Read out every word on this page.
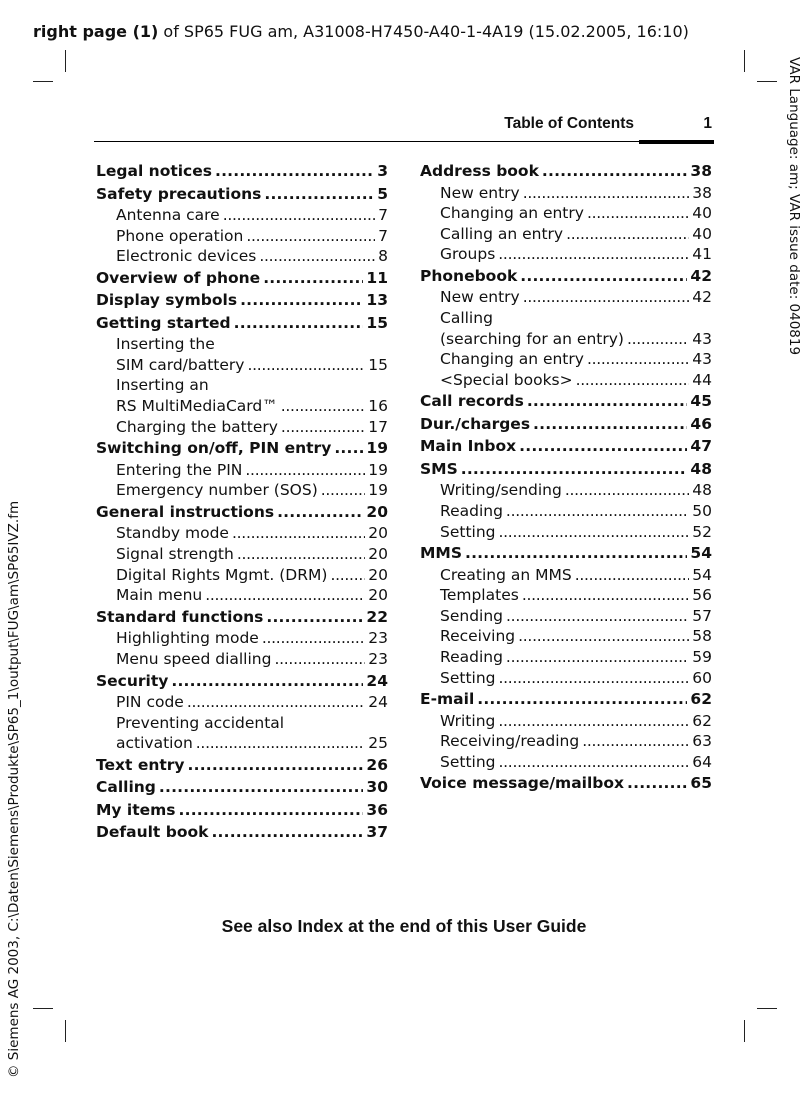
right page (1) of SP65 FUG am, A31008-H7450-A40-1-4A19 (15.02.2005, 16:10)
VAR Language: am; VAR issue date: 040819
© Siemens AG 2003, C:\Daten\Siemens\Produkte\SP65_1\output\FUG\am\SP65IVZ.fm
Table of Contents	1
Legal notices . . .	3
Safety precautions . . .	5
Antenna care . . .	7
Phone operation . . .	7
Electronic devices . . .	8
Overview of phone . . .	11
Display symbols . . .	13
Getting started . . .	15
Inserting the
SIM card/battery . . .	15
Inserting an
RS MultiMediaCard™ . . .	16
Charging the battery . . .	17
Switching on/off, PIN entry . . . 19
Entering the PIN . . .	19
Emergency number (SOS) . . .	19
General instructions . . .	20
Standby mode . . .	20
Signal strength . . .	20
Digital Rights Mgmt. (DRM) . . .	20
Main menu . . .	20
Standard functions . . .	22
Highlighting mode . . .	23
Menu speed dialling . . .	23
Security . . .	24
PIN code . . .	24
Preventing accidental
activation . . .	25
Text entry . . .	26
Calling . . .	30
My items . . .	36
Default book . . .	37
Address book . . .	38
New entry . . .	38
Changing an entry . . .	40
Calling an entry . . .	40
Groups . . .	41
Phonebook . . .	42
New entry . . .	42
Calling
(searching for an entry) . . .	43
Changing an entry . . .	43
<Special books> . . .	44
Call records . . .	45
Dur./charges . . .	46
Main Inbox . . .	47
SMS . . .	48
Writing/sending . . .	48
Reading . . .	50
Setting . . .	52
MMS . . .	54
Creating an MMS . . .	54
Templates . . .	56
Sending . . .	57
Receiving . . .	58
Reading . . .	59
Setting . . .	60
E-mail . . .	62
Writing . . .	62
Receiving/reading . . .	63
Setting . . .	64
Voice message/mailbox . . .	65
See also Index at the end of this User Guide
